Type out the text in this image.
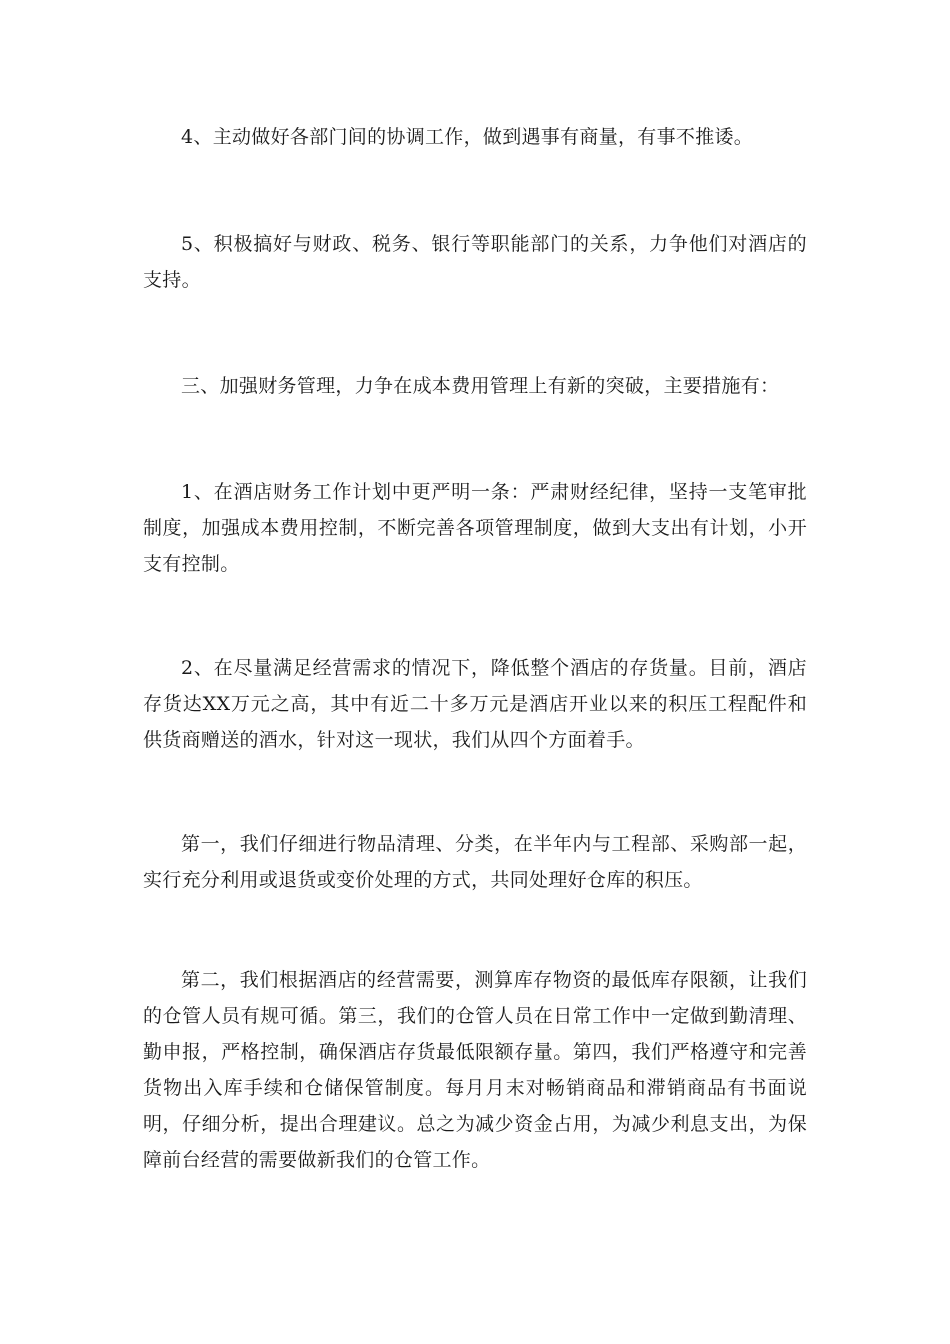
4、主动做好各部门间的协调工作，做到遇事有商量，有事不推诿。

5、积极搞好与财政、税务、银行等职能部门的关系，力争他们对酒店的支持。

三、加强财务管理，力争在成本费用管理上有新的突破，主要措施有：

1、在酒店财务工作计划中更严明一条：严肃财经纪律，坚持一支笔审批制度，加强成本费用控制，不断完善各项管理制度，做到大支出有计划，小开支有控制。

2、在尽量满足经营需求的情况下，降低整个酒店的存货量。目前，酒店存货达XX万元之高，其中有近二十多万元是酒店开业以来的积压工程配件和供货商赠送的酒水，针对这一现状，我们从四个方面着手。

第一，我们仔细进行物品清理、分类，在半年内与工程部、采购部一起，实行充分利用或退货或变价处理的方式，共同处理好仓库的积压。

第二，我们根据酒店的经营需要，测算库存物资的最低库存限额，让我们的仓管人员有规可循。第三，我们的仓管人员在日常工作中一定做到勤清理、勤申报，严格控制，确保酒店存货最低限额存量。第四，我们严格遵守和完善货物出入库手续和仓储保管制度。每月月末对畅销商品和滞销商品有书面说明，仔细分析，提出合理建议。总之为减少资金占用，为减少利息支出，为保障前台经营的需要做新我们的仓管工作。
